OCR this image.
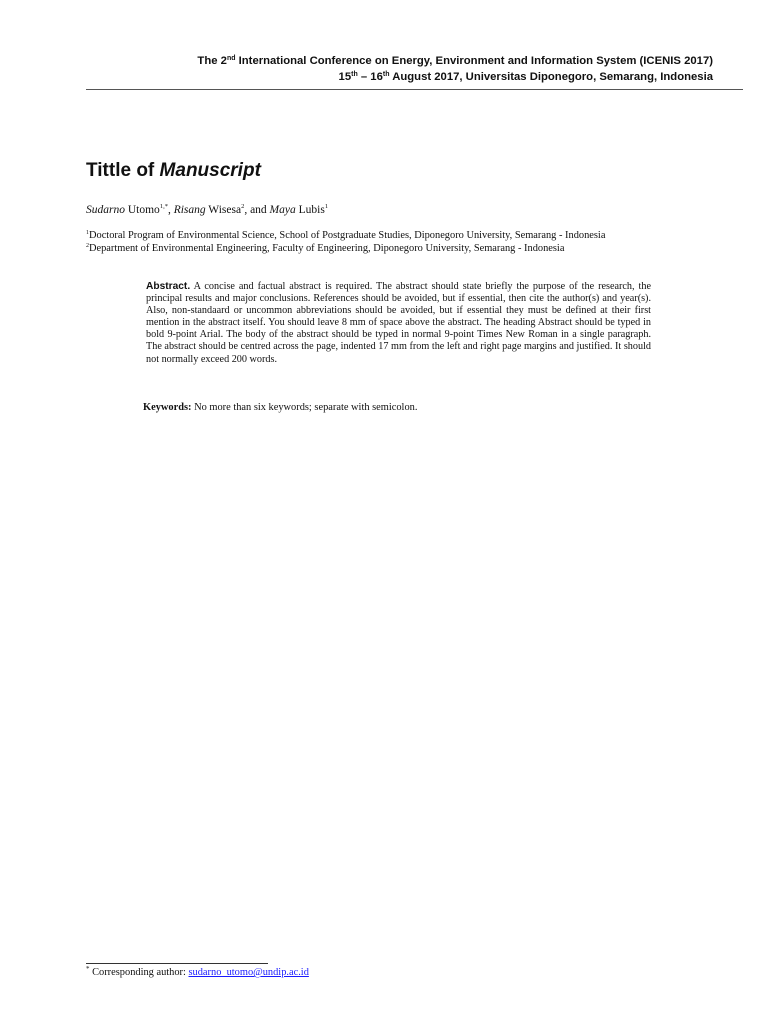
The 2nd International Conference on Energy, Environment and Information System (ICENIS 2017)
15th – 16th August 2017, Universitas Diponegoro, Semarang, Indonesia
Tittle of Manuscript
Sudarno Utomo$^{1,*}$, Risang Wisesa$^2$, and Maya Lubis$^1$
$^1$Doctoral Program of Environmental Science, School of Postgraduate Studies, Diponegoro University, Semarang - Indonesia
$^2$Department of Environmental Engineering, Faculty of Engineering, Diponegoro University, Semarang - Indonesia
Abstract. A concise and factual abstract is required. The abstract should state briefly the purpose of the research, the principal results and major conclusions. References should be avoided, but if essential, then cite the author(s) and year(s). Also, non-standaard or uncommon abbreviations should be avoided, but if essential they must be defined at their first mention in the abstract itself. You should leave 8 mm of space above the abstract. The heading Abstract should be typed in bold 9-point Arial. The body of the abstract should be typed in normal 9-point Times New Roman in a single paragraph. The abstract should be centred across the page, indented 17 mm from the left and right page margins and justified. It should not normally exceed 200 words.
Keywords: No more than six keywords; separate with semicolon.
* Corresponding author: sudarno_utomo@undip.ac.id
